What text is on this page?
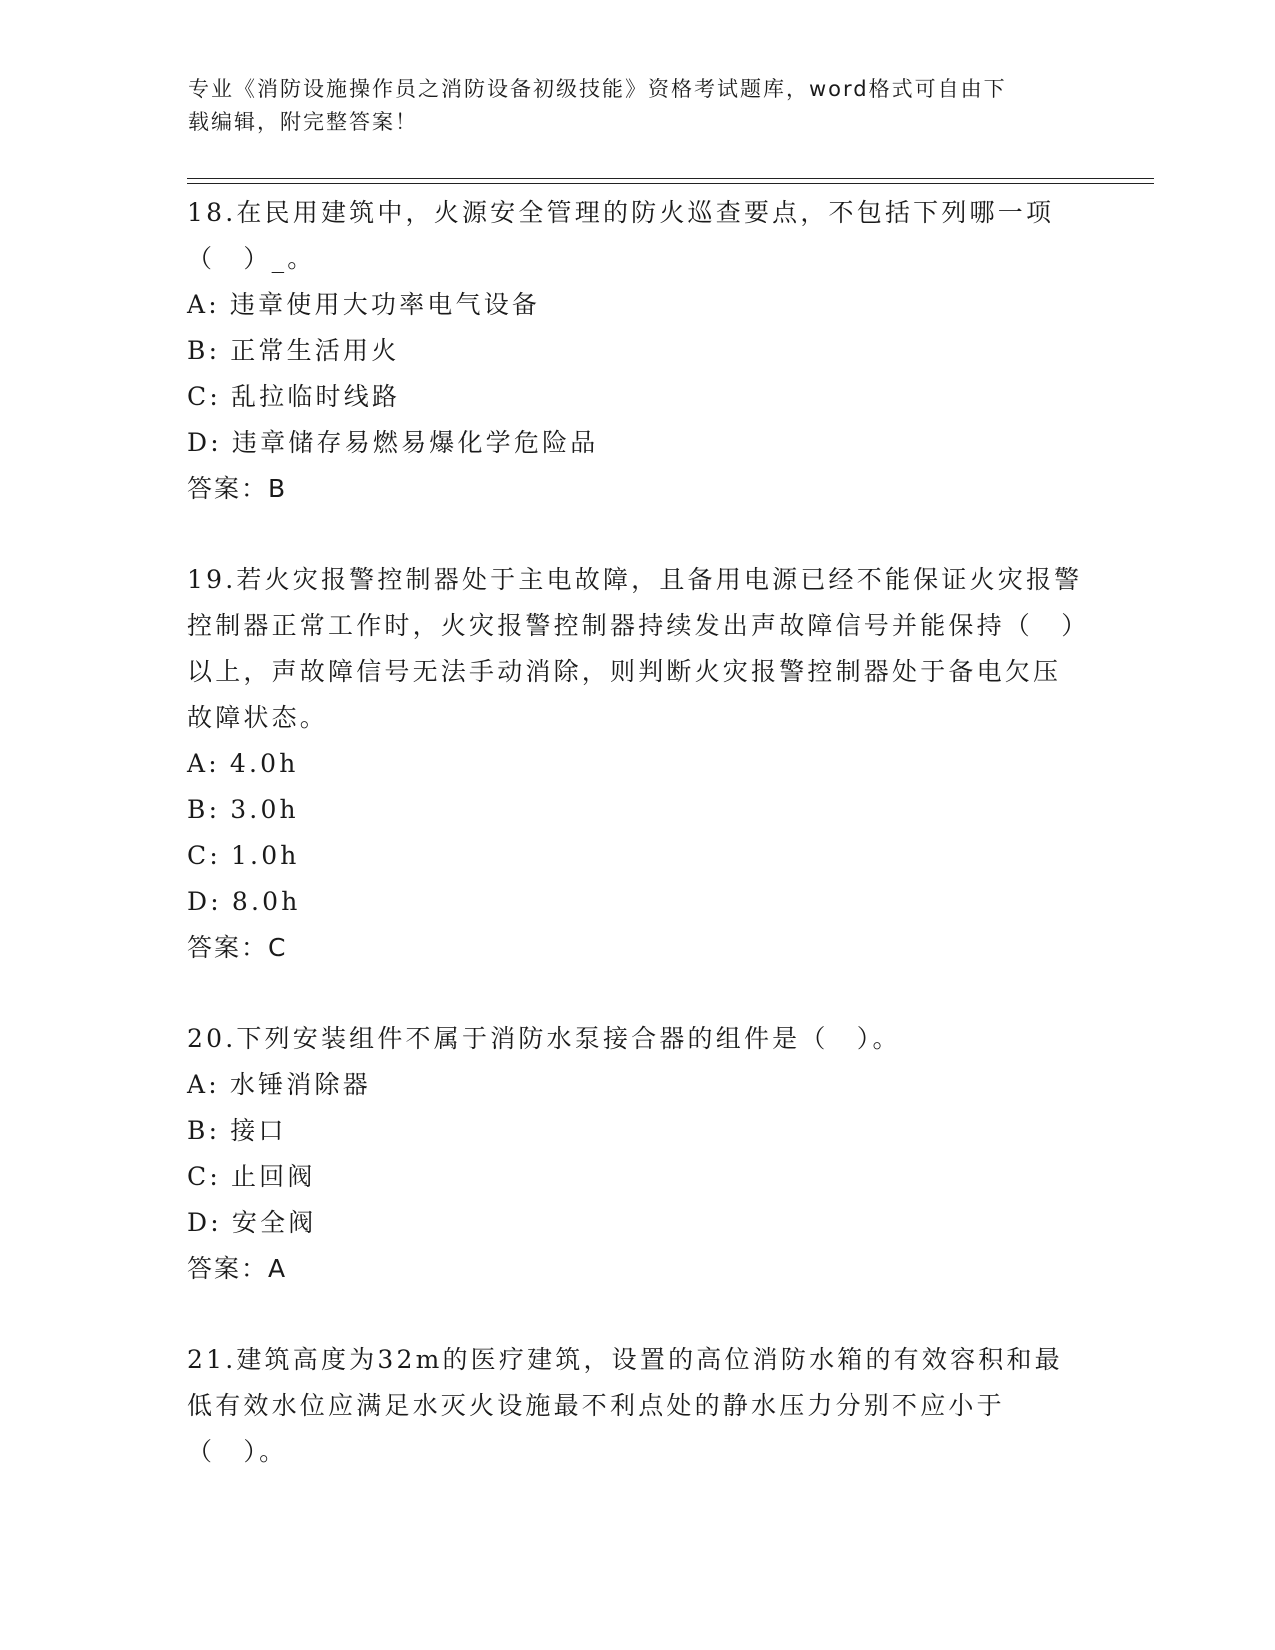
专业《消防设施操作员之消防设备初级技能》资格考试题库，word格式可自由下
载编辑，附完整答案！

18.在民用建筑中，火源安全管理的防火巡查要点，不包括下列哪一项（　）_。

A: 违章使用大功率电气设备
B: 正常生活用火
C: 乱拉临时线路
D: 违章储存易燃易爆化学危险品

答案：B

19.若火灾报警控制器处于主电故障，且备用电源已经不能保证火灾报警控制器正常工作时，火灾报警控制器持续发出声故障信号并能保持（　）以上，声故障信号无法手动消除，则判断火灾报警控制器处于备电欠压故障状态。

A: 4.0h
B: 3.0h
C: 1.0h
D: 8.0h

答案：C

20.下列安装组件不属于消防水泵接合器的组件是（　）。

A: 水锤消除器
B: 接口
C: 止回阀
D: 安全阀

答案：A

21.建筑高度为32m的医疗建筑，设置的高位消防水箱的有效容积和最低有效水位应满足水灭火设施最不利点处的静水压力分别不应小于（　）。
